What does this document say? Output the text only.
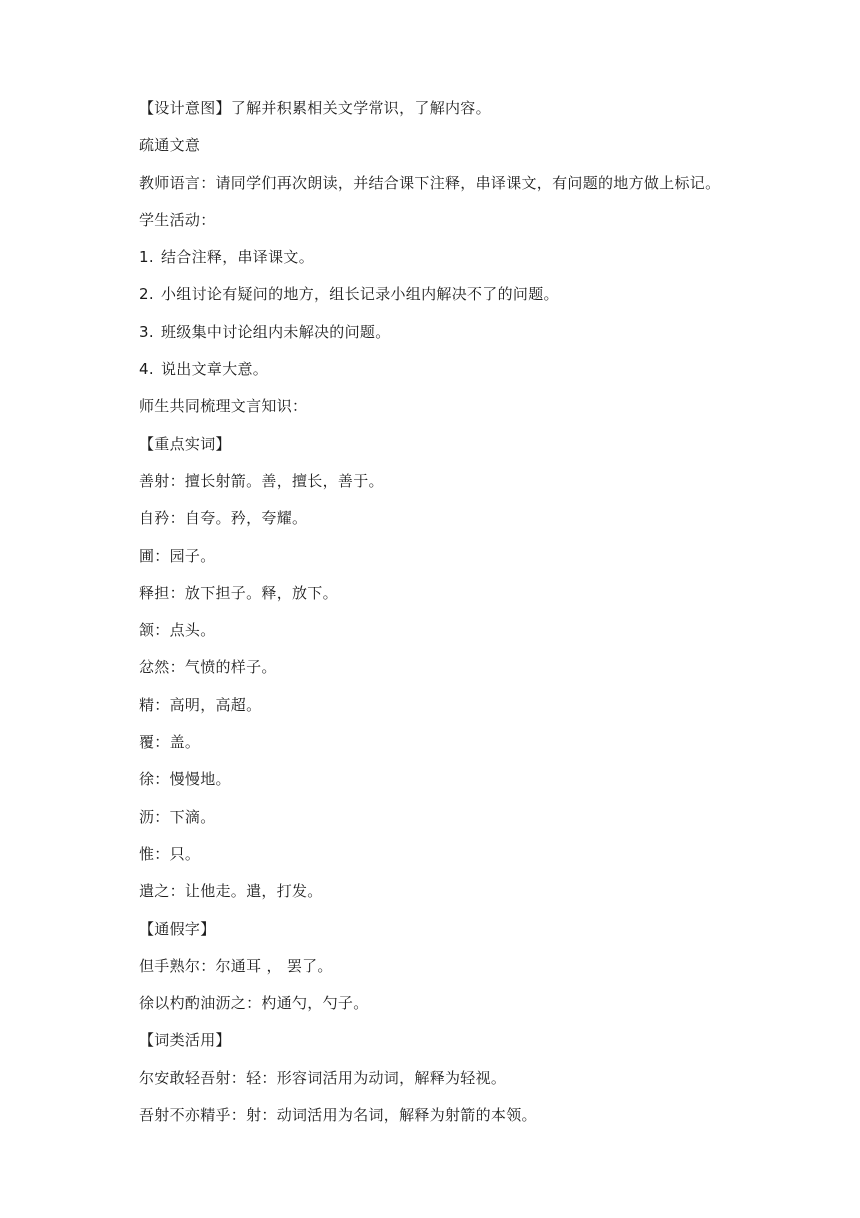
【设计意图】了解并积累相关文学常识，了解内容。
疏通文意
教师语言：请同学们再次朗读，并结合课下注释，串译课文，有问题的地方做上标记。
学生活动：
1. 结合注释，串译课文。
2. 小组讨论有疑问的地方，组长记录小组内解决不了的问题。
3. 班级集中讨论组内未解决的问题。
4. 说出文章大意。
师生共同梳理文言知识：
【重点实词】
善射：擅长射箭。善，擅长，善于。
自矜：自夸。矜，夸耀。
圃：园子。
释担：放下担子。释，放下。
颔：点头。
忿然：气愤的样子。
精：高明，高超。
覆：盖。
徐：慢慢地。
沥：下滴。
惟：只。
遣之：让他走。遣，打发。
【通假字】
但手熟尔：尔通耳 ， 罢了。
徐以杓酌油沥之：杓通勺，勺子。
【词类活用】
尔安敢轻吾射：轻：形容词活用为动词，解释为轻视。
吾射不亦精乎：射：动词活用为名词，解释为射箭的本领。
